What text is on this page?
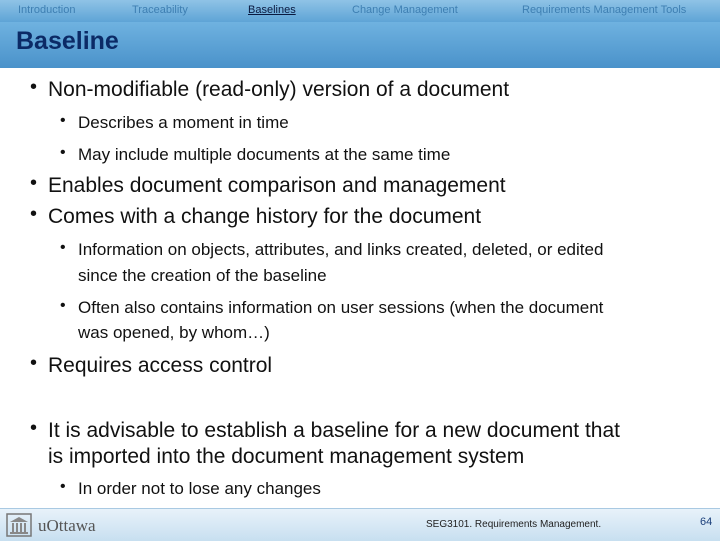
Introduction	Traceability	Baselines	Change Management	Requirements Management Tools
Baseline
• Non-modifiable (read-only) version of a document
• Describes a moment in time
• May include multiple documents at the same time
• Enables document comparison and management
• Comes with a change history for the document
• Information on objects, attributes, and links created, deleted, or edited
since the creation of the baseline
• Often also contains information on user sessions (when the document
was opened, by whom…)
• Requires access control
• It is advisable to establish a baseline for a new document that
is imported into the document management system
• In order not to lose any changes
uOttawa	SEG3101. Requirements Management.	64
